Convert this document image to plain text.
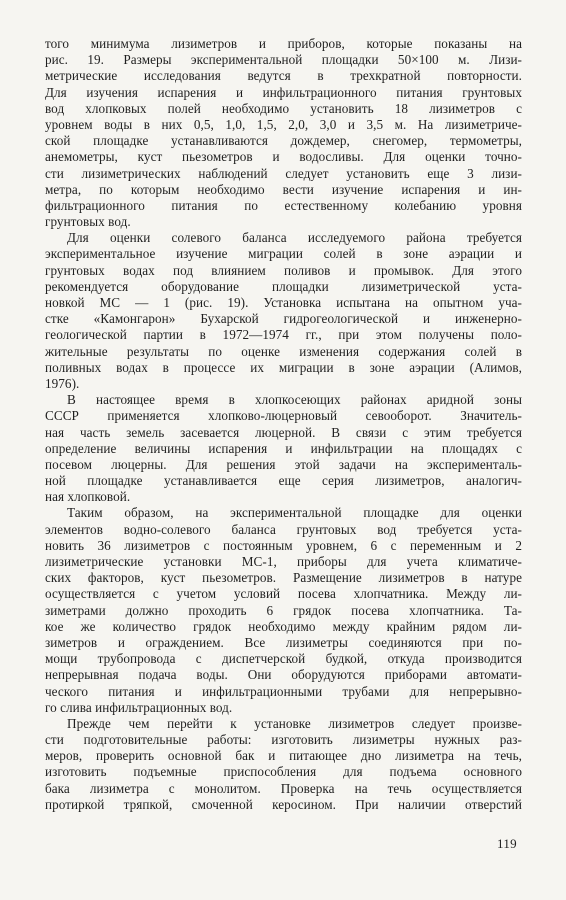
того минимума лизиметров и приборов, которые показаны на
рис. 19. Размеры экспериментальной площадки 50×100 м. Лизи-
метрические исследования ведутся в трехкратной повторности.
Для изучения испарения и инфильтрационного питания грунтовых
вод хлопковых полей необходимо установить 18 лизиметров с
уровнем воды в них 0,5, 1,0, 1,5, 2,0, 3,0 и 3,5 м. На лизиметриче-
ской площадке устанавливаются дождемер, снегомер, термометры,
анемометры, куст пьезометров и водосливы. Для оценки точно-
сти лизиметрических наблюдений следует установить еще 3 лизи-
метра, по которым необходимо вести изучение испарения и ин-
фильтрационного питания по естественному колебанию уровня
грунтовых вод.
Для оценки солевого баланса исследуемого района требуется
экспериментальное изучение миграции солей в зоне аэрации и
грунтовых водах под влиянием поливов и промывок. Для этого
рекомендуется оборудование площадки лизиметрической уста-
новкой МС — 1 (рис. 19). Установка испытана на опытном уча-
стке «Камонгарон» Бухарской гидрогеологической и инженерно-
геологической партии в 1972—1974 гг., при этом получены поло-
жительные результаты по оценке изменения содержания солей в
поливных водах в процессе их миграции в зоне аэрации (Алимов,
1976).
В настоящее время в хлопкосеющих районах аридной зоны
СССР применяется хлопково-люцерновый севооборот. Значитель-
ная часть земель засевается люцерной. В связи с этим требуется
определение величины испарения и инфильтрации на площадях с
посевом люцерны. Для решения этой задачи на эксперименталь-
ной площадке устанавливается еще серия лизиметров, аналогич-
ная хлопковой.
Таким образом, на экспериментальной площадке для оценки
элементов водно-солевого баланса грунтовых вод требуется уста-
новить 36 лизиметров с постоянным уровнем, 6 с переменным и 2
лизиметрические установки МС-1, приборы для учета климатиче-
ских факторов, куст пьезометров. Размещение лизиметров в натуре
осуществляется с учетом условий посева хлопчатника. Между ли-
зиметрами должно проходить 6 грядок посева хлопчатника. Та-
кое же количество грядок необходимо между крайним рядом ли-
зиметров и ограждением. Все лизиметры соединяются при по-
мощи трубопровода с диспетчерской будкой, откуда производится
непрерывная подача воды. Они оборудуются приборами автомати-
ческого питания и инфильтрационными трубами для непрерывно-
го слива инфильтрационных вод.
Прежде чем перейти к установке лизиметров следует произве-
сти подготовительные работы: изготовить лизиметры нужных раз-
меров, проверить основной бак и питающее дно лизиметра на течь,
изготовить подъемные приспособления для подъема основного
бака лизиметра с монолитом. Проверка на течь осуществляется
протиркой тряпкой, смоченной керосином. При наличии отверстий
119
